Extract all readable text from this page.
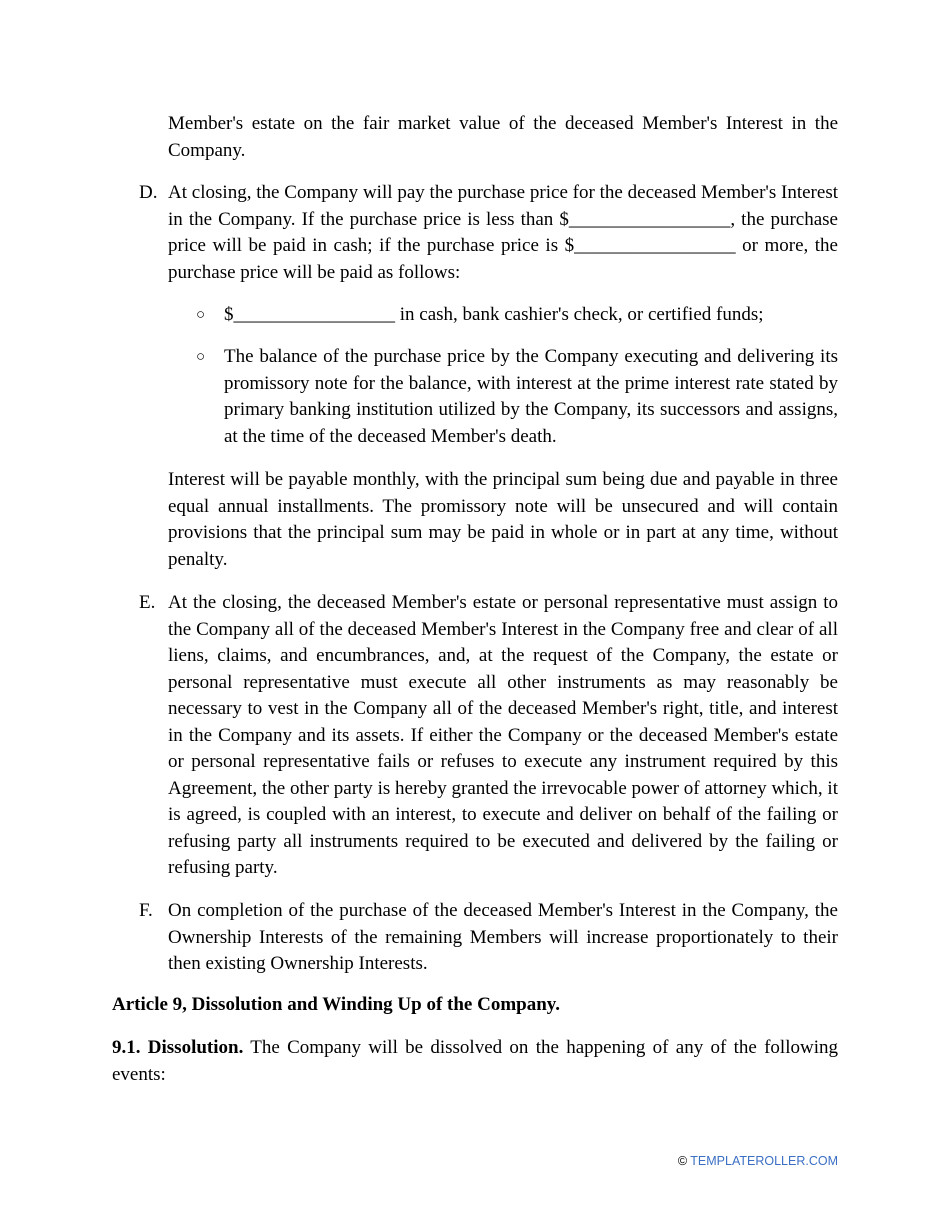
Member's estate on the fair market value of the deceased Member's Interest in the Company.

D. At closing, the Company will pay the purchase price for the deceased Member's Interest in the Company. If the purchase price is less than $_________________, the purchase price will be paid in cash; if the purchase price is $_________________ or more, the purchase price will be paid as follows:

○ $_________________ in cash, bank cashier's check, or certified funds;

○ The balance of the purchase price by the Company executing and delivering its promissory note for the balance, with interest at the prime interest rate stated by primary banking institution utilized by the Company, its successors and assigns, at the time of the deceased Member's death.

Interest will be payable monthly, with the principal sum being due and payable in three equal annual installments. The promissory note will be unsecured and will contain provisions that the principal sum may be paid in whole or in part at any time, without penalty.

E. At the closing, the deceased Member's estate or personal representative must assign to the Company all of the deceased Member's Interest in the Company free and clear of all liens, claims, and encumbrances, and, at the request of the Company, the estate or personal representative must execute all other instruments as may reasonably be necessary to vest in the Company all of the deceased Member's right, title, and interest in the Company and its assets. If either the Company or the deceased Member's estate or personal representative fails or refuses to execute any instrument required by this Agreement, the other party is hereby granted the irrevocable power of attorney which, it is agreed, is coupled with an interest, to execute and deliver on behalf of the failing or refusing party all instruments required to be executed and delivered by the failing or refusing party.

F. On completion of the purchase of the deceased Member's Interest in the Company, the Ownership Interests of the remaining Members will increase proportionately to their then existing Ownership Interests.

Article 9, Dissolution and Winding Up of the Company.

9.1. Dissolution. The Company will be dissolved on the happening of any of the following events:

© TEMPLATEROLLER.COM
